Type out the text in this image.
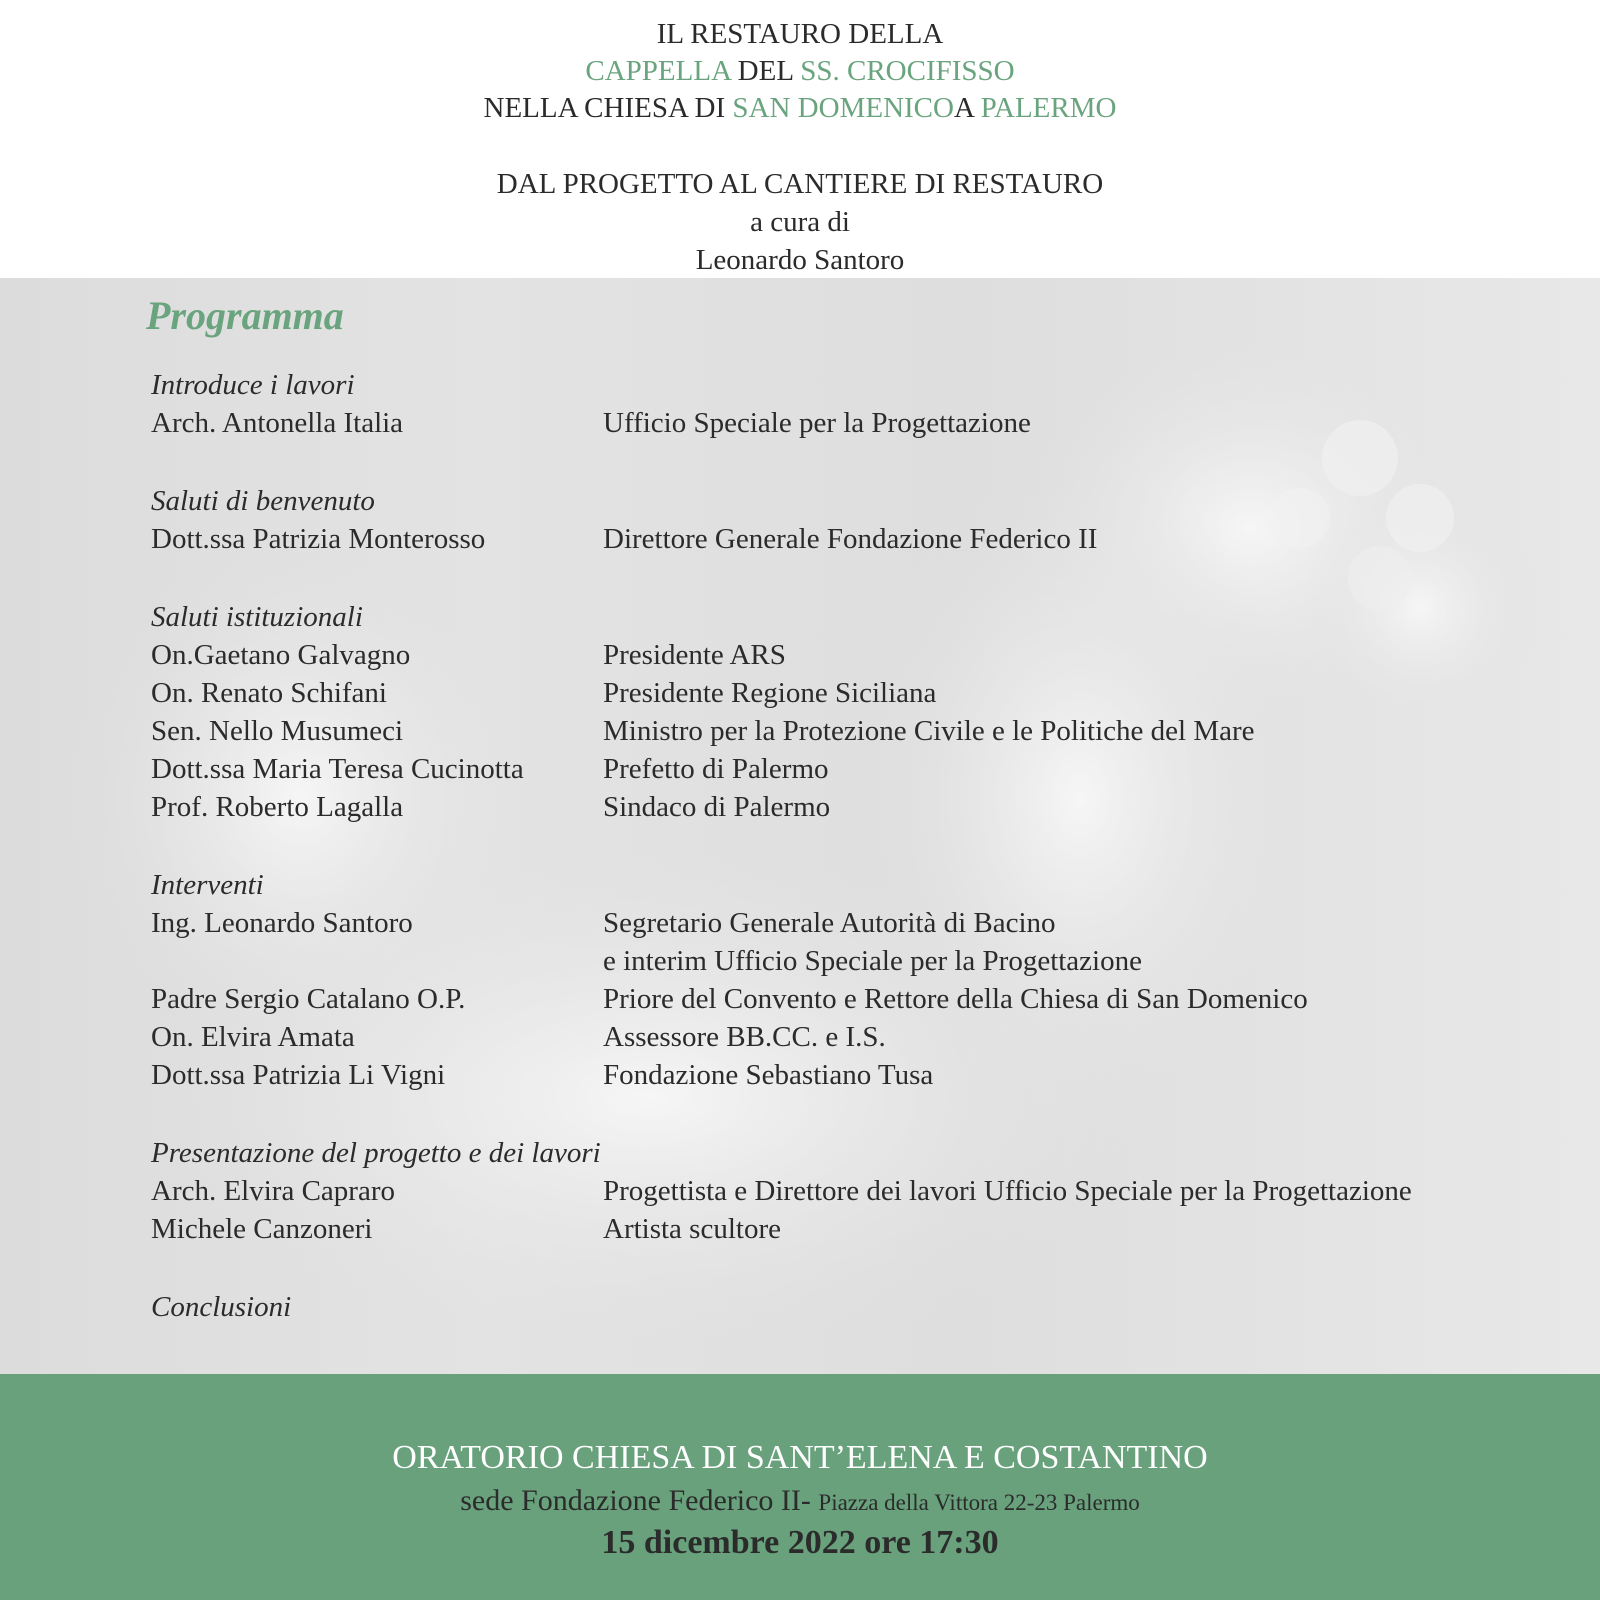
IL RESTAURO DELLA
CAPPELLA DEL SS. CROCIFISSO
NELLA CHIESA DI SAN DOMENICOA PALERMO
DAL PROGETTO AL CANTIERE DI RESTAURO
a cura di
Leonardo Santoro
Programma
Introduce i lavori
Arch. Antonella Italia	Ufficio Speciale per la Progettazione
Saluti di benvenuto
Dott.ssa Patrizia Monterosso	Direttore Generale Fondazione Federico II
Saluti istituzionali
On.Gaetano Galvagno	Presidente ARS
On. Renato Schifani	Presidente Regione Siciliana
Sen. Nello Musumeci	Ministro per la Protezione Civile e le Politiche del Mare
Dott.ssa Maria Teresa Cucinotta	Prefetto di Palermo
Prof. Roberto Lagalla	Sindaco di Palermo
Interventi
Ing. Leonardo Santoro	Segretario Generale Autorità di Bacino
e interim Ufficio Speciale per la Progettazione
Padre Sergio Catalano O.P.	Priore del Convento e Rettore della Chiesa di San Domenico
On. Elvira Amata	Assessore BB.CC. e I.S.
Dott.ssa Patrizia Li Vigni	Fondazione Sebastiano Tusa
Presentazione del progetto e dei lavori
Arch. Elvira Capraro	Progettista e Direttore dei lavori Ufficio Speciale per la Progettazione
Michele Canzoneri	Artista scultore
Conclusioni
ORATORIO CHIESA DI SANT’ELENA E COSTANTINO
sede Fondazione Federico II- Piazza della Vittora 22-23 Palermo
15 dicembre 2022 ore 17:30
